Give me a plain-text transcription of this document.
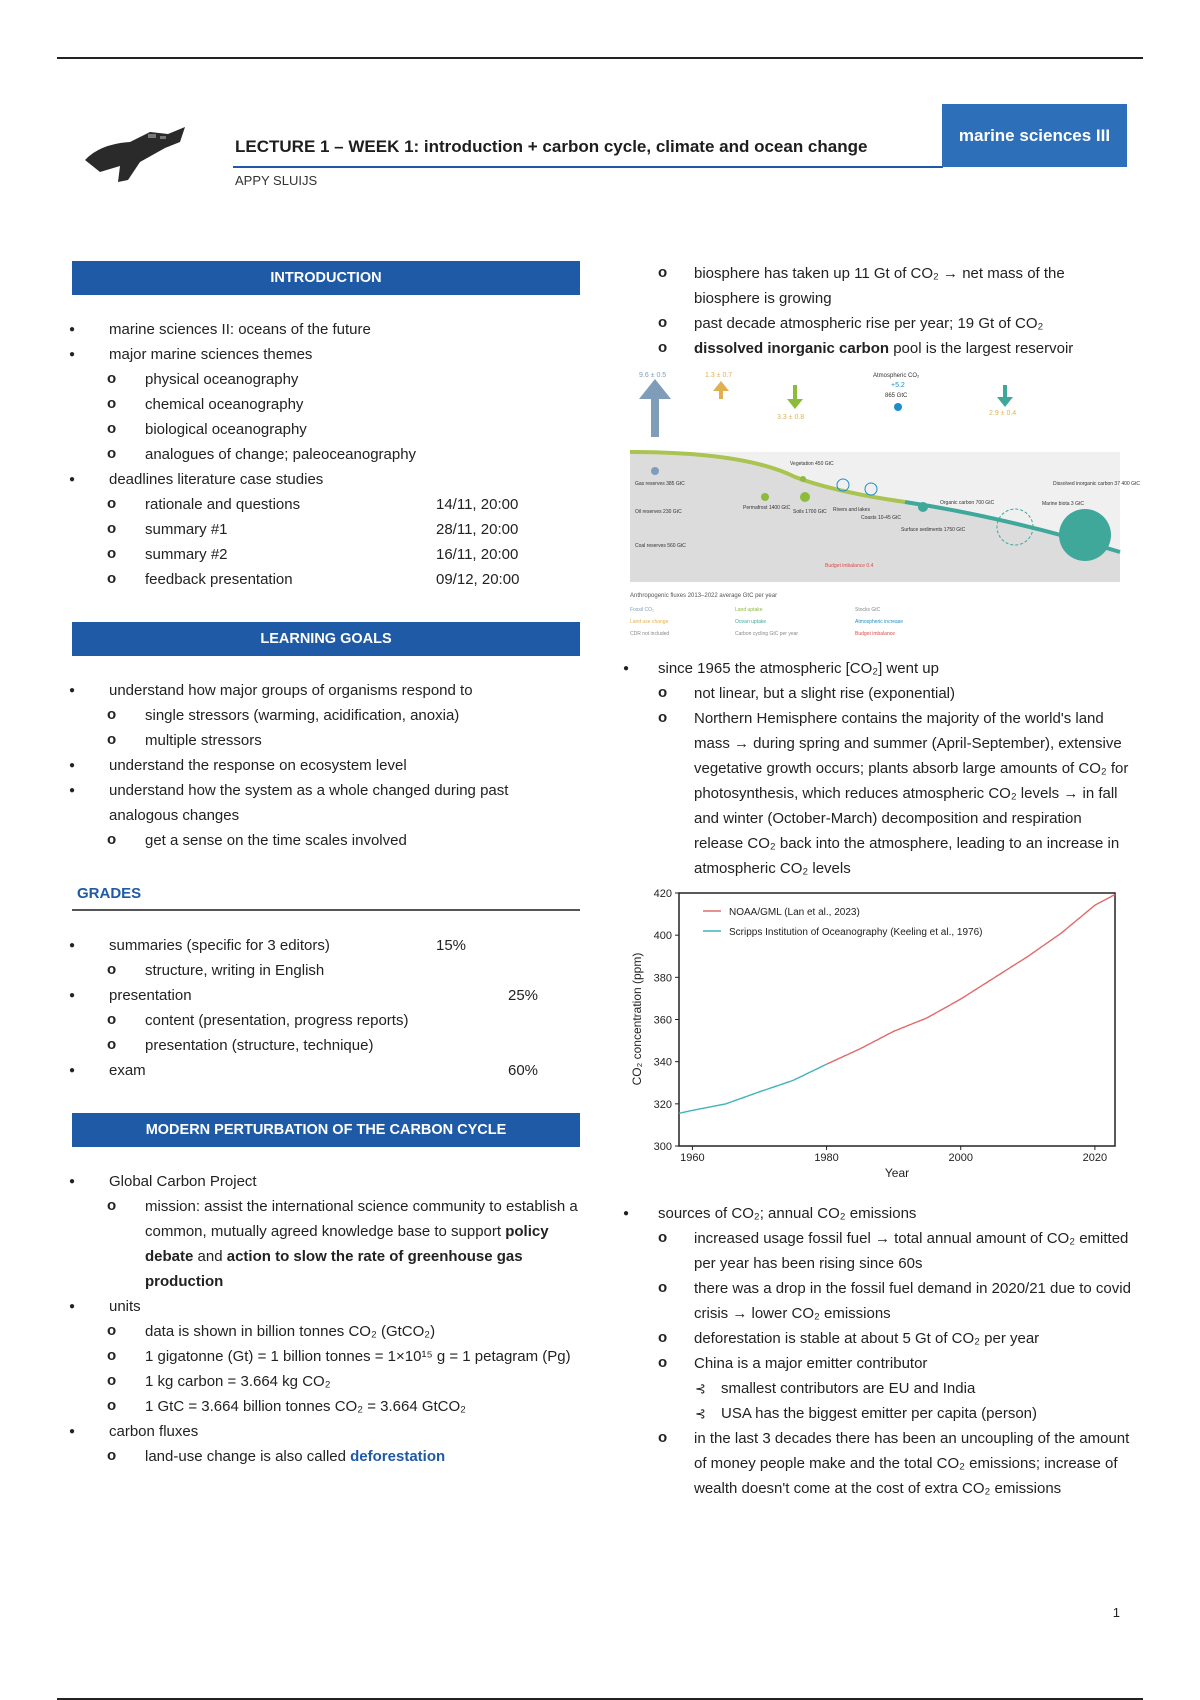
LECTURE 1 – WEEK 1: introduction + carbon cycle, climate and ocean change
APPY SLUIJS
marine sciences III
INTRODUCTION
● marine sciences II: oceans of the future
● major marine sciences themes
o physical oceanography
o chemical oceanography
o biological oceanography
o analogues of change; paleoceanography
● deadlines literature case studies
o rationale and questions	14/11, 20:00
o summary #1	28/11, 20:00
o summary #2	16/11, 20:00
o feedback presentation	09/12, 20:00
LEARNING GOALS
● understand how major groups of organisms respond to
o single stressors (warming, acidification, anoxia)
o multiple stressors
● understand the response on ecosystem level
● understand how the system as a whole changed during past analogous changes
o get a sense on the time scales involved
GRADES
● summaries (specific for 3 editors)	15%
o structure, writing in English
● presentation	25%
o content (presentation, progress reports)
o presentation (structure, technique)
● exam	60%
MODERN PERTURBATION OF THE CARBON CYCLE
● Global Carbon Project
o mission: assist the international science community to establish a common, mutually agreed knowledge base to support policy debate and action to slow the rate of greenhouse gas production
● units
o data is shown in billion tonnes CO₂ (GtCO₂)
o 1 gigatonne (Gt) = 1 billion tonnes = 1×10¹⁵ g = 1 petagram (Pg)
o 1 kg carbon = 3.664 kg CO₂
o 1 GtC = 3.664 billion tonnes CO₂ = 3.664 GtCO₂
● carbon fluxes
o land-use change is also called deforestation
o biosphere has taken up 11 Gt of CO₂ → net mass of the biosphere is growing
o past decade atmospheric rise per year; 19 Gt of CO₂
o dissolved inorganic carbon pool is the largest reservoir
9.6 ± 0.5	1.3 ± 0.7
3.3 ± 0.8
Atmospheric CO₂
+5.2
865 GtC
2.9 ± 0.4
Vegetation 450 GtC
Permafrost 1400 GtC
Soils 1700 GtC Rivers and lakes
Coasts 10-45 GtC
Organic carbon 700 GtC	Marine biota 3 GtC
Dissolved inorganic carbon 37 400 GtC
Surface sediments 1750 GtC
Gas reserves 385 GtC
Oil reserves 230 GtC
Coal reserves 560 GtC
Budget imbalance 0.4
Anthropogenic fluxes 2013–2022 average GtC per year
Fossil CO₂
Land use change
CDR not included
Land uptake
Ocean uptake
Carbon cycling GtC per year
Stocks GtC
Atmospheric increase
Budget imbalance
● since 1965 the atmospheric [CO₂] went up
o not linear, but a slight rise (exponential)
o Northern Hemisphere contains the majority of the world's land mass → during spring and summer (April-September), extensive vegetative growth occurs; plants absorb large amounts of CO₂ for photosynthesis, which reduces atmospheric CO₂ levels → in fall and winter (October-March) decomposition and respiration release CO₂ back into the atmosphere, leading to an increase in atmospheric CO₂ levels
300
320
340
360
380
400
420
1960	1980	2000	2020
NOAA/GML (Lan et al., 2023)
Scripps Institution of Oceanography (Keeling et al., 1976)
Year
CO₂ concentration (ppm)
● sources of CO₂; annual CO₂ emissions
o increased usage fossil fuel → total annual amount of CO₂ emitted per year has been rising since 60s
o there was a drop in the fossil fuel demand in 2020/21 due to covid crisis → lower CO₂ emissions
o deforestation is stable at about 5 Gt of CO₂ per year
o China is a major emitter contributor
⊰ smallest contributors are EU and India
⊰ USA has the biggest emitter per capita (person)
o in the last 3 decades there has been an uncoupling of the amount of money people make and the total CO₂ emissions; increase of wealth doesn't come at the cost of extra CO₂ emissions
1
